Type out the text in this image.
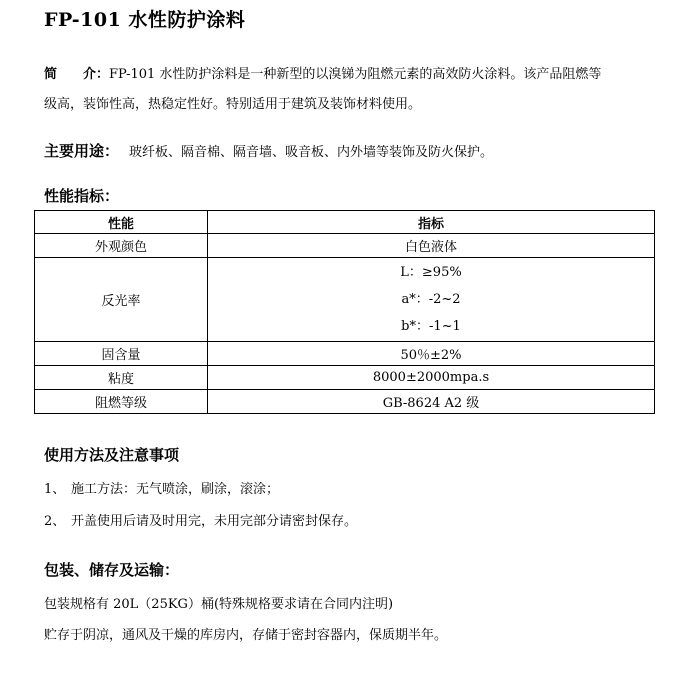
FP-101 水性防护涂料
简　　介：FP-101 水性防护涂料是一种新型的以溴锑为阻燃元素的高效防火涂料。该产品阻燃等
级高，装饰性高，热稳定性好。特别适用于建筑及装饰材料使用。
主要用途： 玻纤板、隔音棉、隔音墙、吸音板、内外墙等装饰及防火保护。
性能指标：
性能	指标
外观颜色	白色液体
反光率	L：≥95%
a*：-2~2
b*：-1~1

固含量	50％±2%
粘度	8000±2000mpa.s
阻燃等级	GB-8624 A2 级
使用方法及注意事项
1、 施工方法：无气喷涂，刷涂，滚涂；
2、 开盖使用后请及时用完，未用完部分请密封保存。
包装、储存及运输：
包装规格有 20L（25KG）桶(特殊规格要求请在合同内注明)
贮存于阴凉，通风及干燥的库房内，存储于密封容器内，保质期半年。
